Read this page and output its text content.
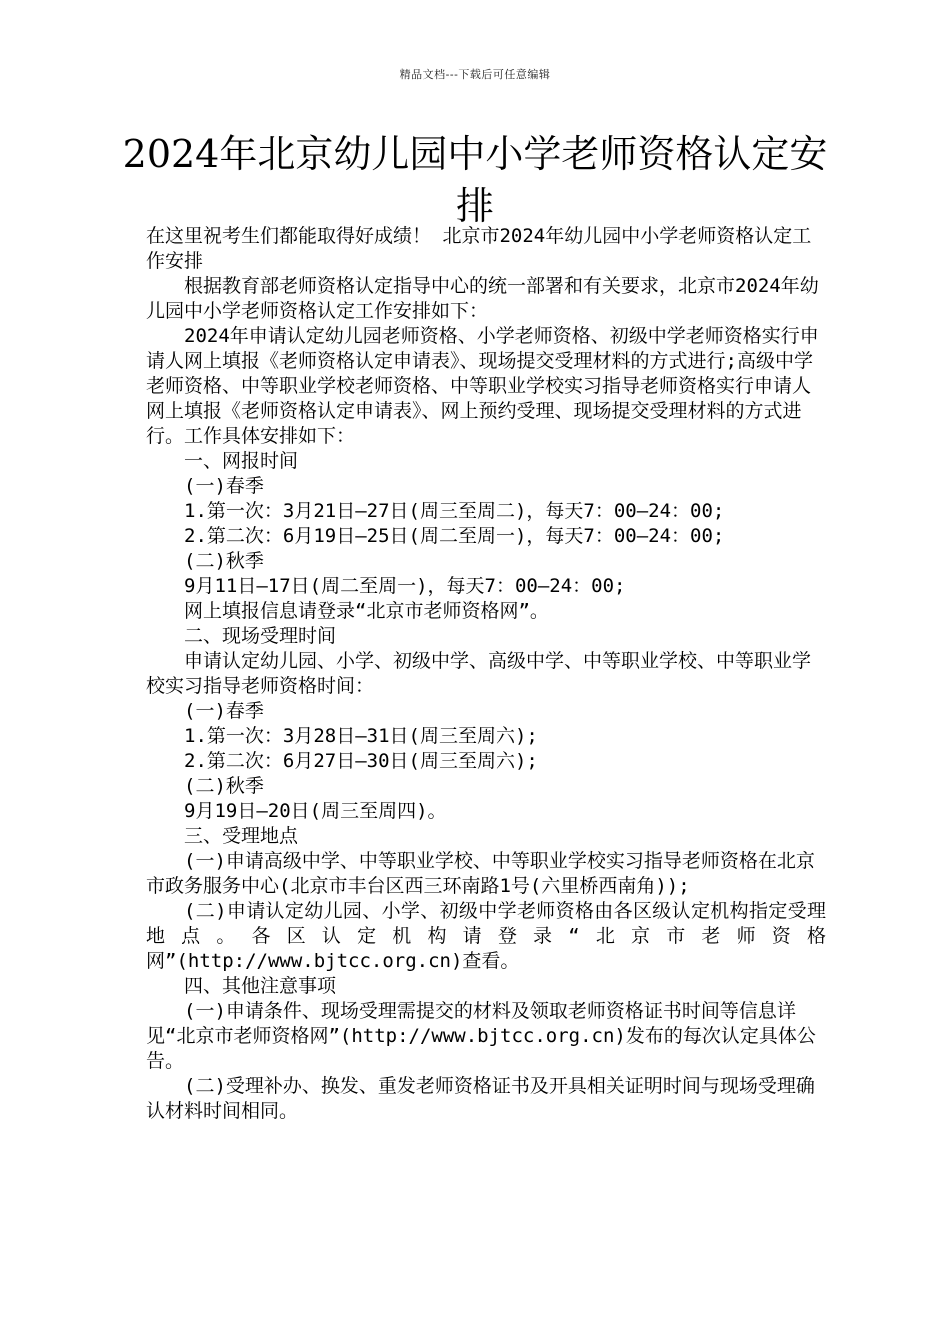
精品文档---下载后可任意编辑
2024年北京幼儿园中小学老师资格认定安排

在这里祝考生们都能取得好成绩！ 北京市2024年幼儿园中小学老师资格认定工作安排

根据教育部老师资格认定指导中心的统一部署和有关要求，北京市2024年幼儿园中小学老师资格认定工作安排如下：

2024年申请认定幼儿园老师资格、小学老师资格、初级中学老师资格实行申请人网上填报《老师资格认定申请表》、现场提交受理材料的方式进行;高级中学老师资格、中等职业学校老师资格、中等职业学校实习指导老师资格实行申请人网上填报《老师资格认定申请表》、网上预约受理、现场提交受理材料的方式进行。工作具体安排如下：

一、网报时间

(一)春季

1.第一次：3月21日—27日(周三至周二)，每天7：00—24：00;

2.第二次：6月19日—25日(周二至周一)，每天7：00—24：00;

(二)秋季

9月11日—17日(周二至周一)，每天7：00—24：00;

网上填报信息请登录“北京市老师资格网”。

二、现场受理时间

申请认定幼儿园、小学、初级中学、高级中学、中等职业学校、中等职业学校实习指导老师资格时间：

(一)春季

1.第一次：3月28日—31日(周三至周六);

2.第二次：6月27日—30日(周三至周六);

(二)秋季

9月19日—20日(周三至周四)。

三、受理地点

(一)申请高级中学、中等职业学校、中等职业学校实习指导老师资格在北京市政务服务中心(北京市丰台区西三环南路1号(六里桥西南角));

(二)申请认定幼儿园、小学、初级中学老师资格由各区级认定机构指定受理地点。各区认定机构请登录“北京市老师资格网”(http://www.bjtcc.org.cn)查看。

四、其他注意事项

(一)申请条件、现场受理需提交的材料及领取老师资格证书时间等信息详见“北京市老师资格网”(http://www.bjtcc.org.cn)发布的每次认定具体公告。

(二)受理补办、换发、重发老师资格证书及开具相关证明时间与现场受理确认材料时间相同。
